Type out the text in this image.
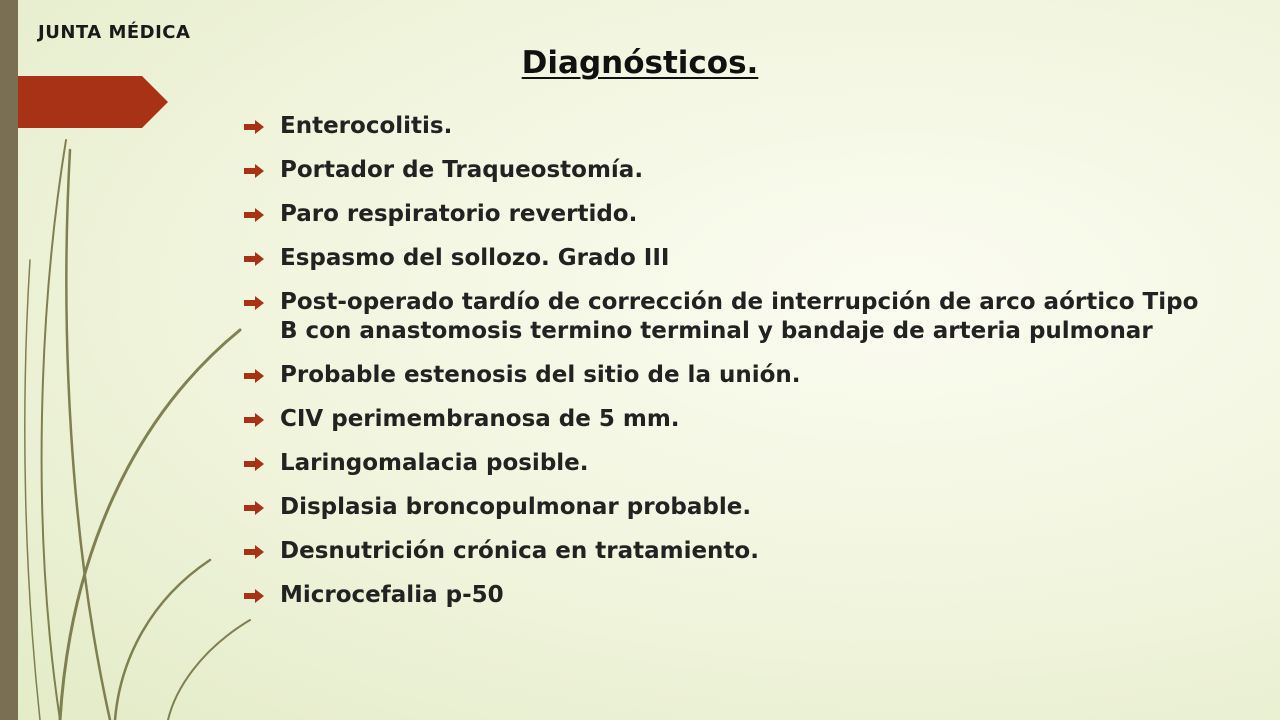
JUNTA MÉDICA

Diagnósticos.
Enterocolitis.
Portador de Traqueostomía.
Paro respiratorio revertido.
Espasmo del sollozo. Grado III
Post-operado tardío de corrección de interrupción de arco aórtico Tipo B con anastomosis termino terminal y bandaje de arteria pulmonar
Probable estenosis del sitio de la unión.
CIV perimembranosa de 5 mm.
Laringomalacia posible.
Displasia broncopulmonar probable.
Desnutrición crónica en tratamiento.
Microcefalia p-50
